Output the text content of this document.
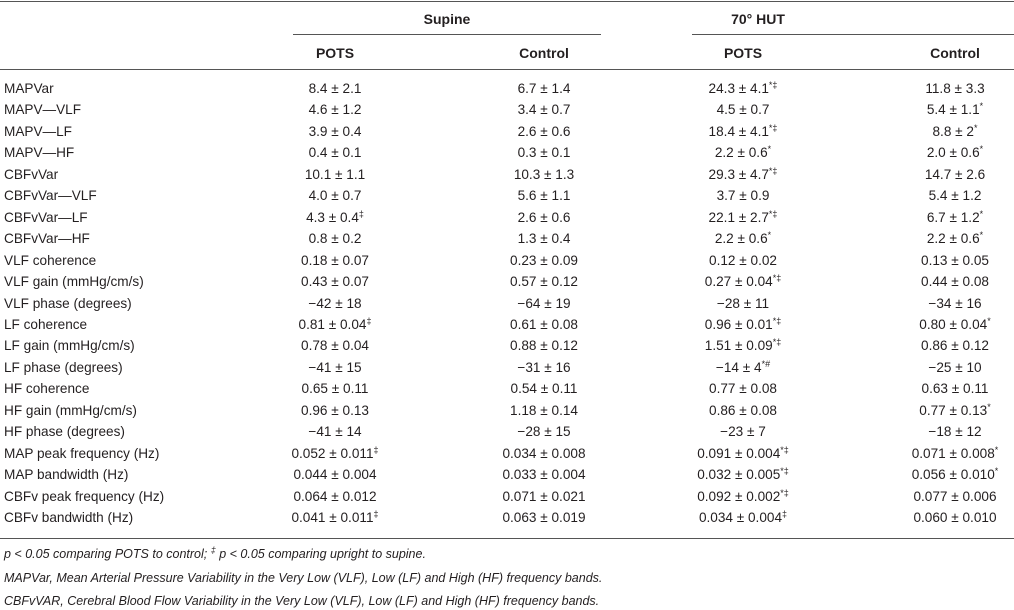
Supine	70° HUT
POTS	Control	POTS	Control
MAPVar	8.4 ± 2.1	6.7 ± 1.4	24.3 ± 4.1*‡	11.8 ± 3.3
MAPV—VLF	4.6 ± 1.2	3.4 ± 0.7	4.5 ± 0.7	5.4 ± 1.1*
MAPV—LF	3.9 ± 0.4	2.6 ± 0.6	18.4 ± 4.1*‡	8.8 ± 2*
MAPV—HF	0.4 ± 0.1	0.3 ± 0.1	2.2 ± 0.6*	2.0 ± 0.6*
CBFvVar	10.1 ± 1.1	10.3 ± 1.3	29.3 ± 4.7*‡	14.7 ± 2.6
CBFvVar—VLF	4.0 ± 0.7	5.6 ± 1.1	3.7 ± 0.9	5.4 ± 1.2
CBFvVar—LF	4.3 ± 0.4‡	2.6 ± 0.6	22.1 ± 2.7*‡	6.7 ± 1.2*
CBFvVar—HF	0.8 ± 0.2	1.3 ± 0.4	2.2 ± 0.6*	2.2 ± 0.6*
VLF coherence	0.18 ± 0.07	0.23 ± 0.09	0.12 ± 0.02	0.13 ± 0.05
VLF gain (mmHg/cm/s)	0.43 ± 0.07	0.57 ± 0.12	0.27 ± 0.04*‡	0.44 ± 0.08
VLF phase (degrees)	−42 ± 18	−64 ± 19	−28 ± 11	−34 ± 16
LF coherence	0.81 ± 0.04‡	0.61 ± 0.08	0.96 ± 0.01*‡	0.80 ± 0.04*
LF gain (mmHg/cm/s)	0.78 ± 0.04	0.88 ± 0.12	1.51 ± 0.09*‡	0.86 ± 0.12
LF phase (degrees)	−41 ± 15	−31 ± 16	−14 ± 4*#	−25 ± 10
HF coherence	0.65 ± 0.11	0.54 ± 0.11	0.77 ± 0.08	0.63 ± 0.11
HF gain (mmHg/cm/s)	0.96 ± 0.13	1.18 ± 0.14	0.86 ± 0.08	0.77 ± 0.13*
HF phase (degrees)	−41 ± 14	−28 ± 15	−23 ± 7	−18 ± 12
MAP peak frequency (Hz)	0.052 ± 0.011‡	0.034 ± 0.008	0.091 ± 0.004*‡	0.071 ± 0.008*
MAP bandwidth (Hz)	0.044 ± 0.004	0.033 ± 0.004	0.032 ± 0.005*‡	0.056 ± 0.010*
CBFv peak frequency (Hz)	0.064 ± 0.012	0.071 ± 0.021	0.092 ± 0.002*‡	0.077 ± 0.006
CBFv bandwidth (Hz)	0.041 ± 0.011‡	0.063 ± 0.019	0.034 ± 0.004‡	0.060 ± 0.010
p < 0.05 comparing POTS to control; ‡ p < 0.05 comparing upright to supine.
MAPVar, Mean Arterial Pressure Variability in the Very Low (VLF), Low (LF) and High (HF) frequency bands.
CBFvVAR, Cerebral Blood Flow Variability in the Very Low (VLF), Low (LF) and High (HF) frequency bands.
